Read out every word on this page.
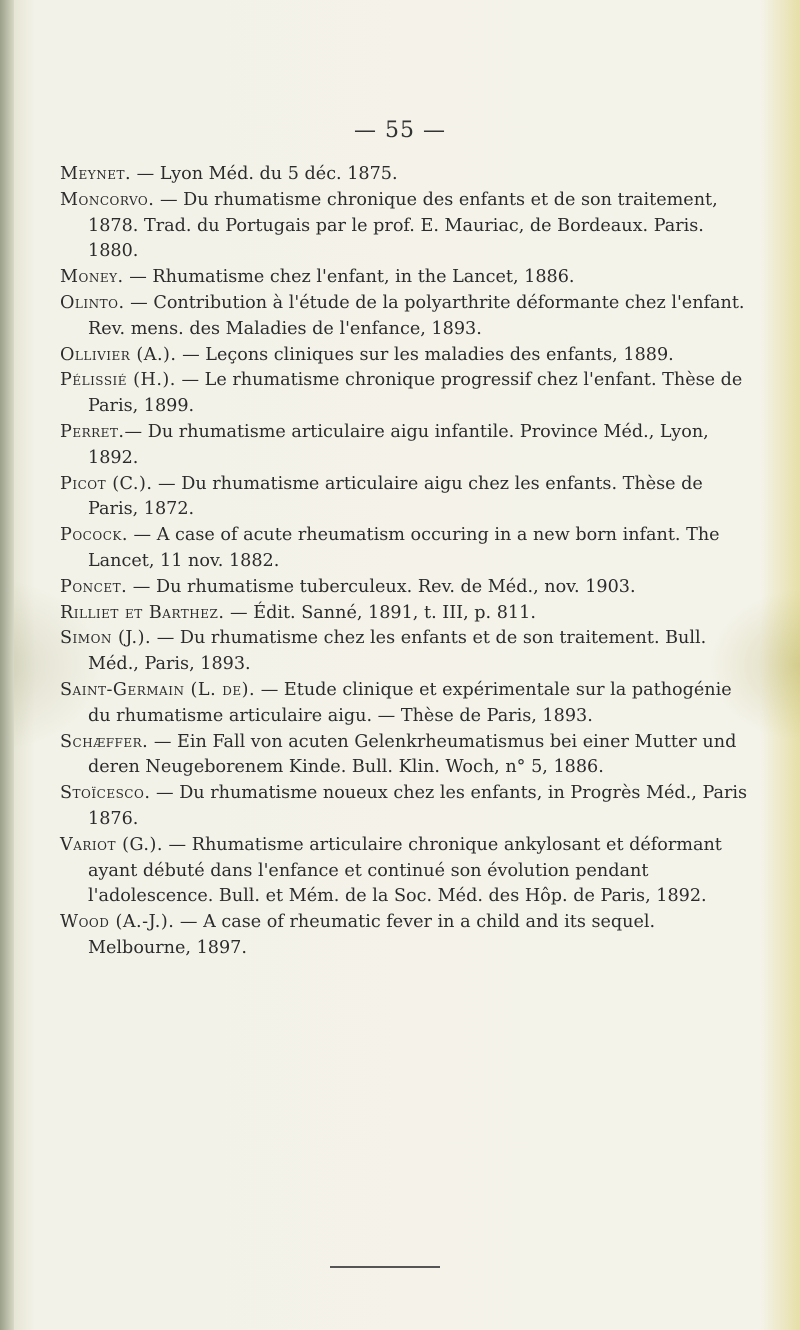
— 55 —

Meynet. — Lyon Méd. du 5 déc. 1875.

Moncorvo. — Du rhumatisme chronique des enfants et de son traitement, 1878. Trad. du Portugais par le prof. E. Mauriac, de Bordeaux. Paris. 1880.

Money. — Rhumatisme chez l'enfant, in the Lancet, 1886.

Olinto. — Contribution à l'étude de la polyarthrite déformante chez l'enfant. Rev. mens. des Maladies de l'enfance, 1893.

Ollivier (A.). — Leçons cliniques sur les maladies des enfants, 1889.

Pélissié (H.). — Le rhumatisme chronique progressif chez l'enfant. Thèse de Paris, 1899.

Perret.— Du rhumatisme articulaire aigu infantile. Province Méd., Lyon, 1892.

Picot (C.). — Du rhumatisme articulaire aigu chez les enfants. Thèse de Paris, 1872.

Pocock. — A case of acute rheumatism occuring in a new born infant. The Lancet, 11 nov. 1882.

Poncet. — Du rhumatisme tuberculeux. Rev. de Méd., nov. 1903.

Rilliet et Barthez. — Édit. Sanné, 1891, t. III, p. 811.

Simon (J.). — Du rhumatisme chez les enfants et de son traitement. Bull. Méd., Paris, 1893.

Saint-Germain (L. de). — Etude clinique et expérimentale sur la pathogénie du rhumatisme articulaire aigu. — Thèse de Paris, 1893.

Schæffer. — Ein Fall von acuten Gelenkrheumatismus bei einer Mutter und deren Neugeborenem Kinde. Bull. Klin. Woch, n° 5, 1886.

Stoïcesco. — Du rhumatisme noueux chez les enfants, in Progrès Méd., Paris 1876.

Variot (G.). — Rhumatisme articulaire chronique ankylosant et déformant ayant débuté dans l'enfance et continué son évolution pendant l'adolescence. Bull. et Mém. de la Soc. Méd. des Hôp. de Paris, 1892.

Wood (A.-J.). — A case of rheumatic fever in a child and its sequel. Melbourne, 1897.
